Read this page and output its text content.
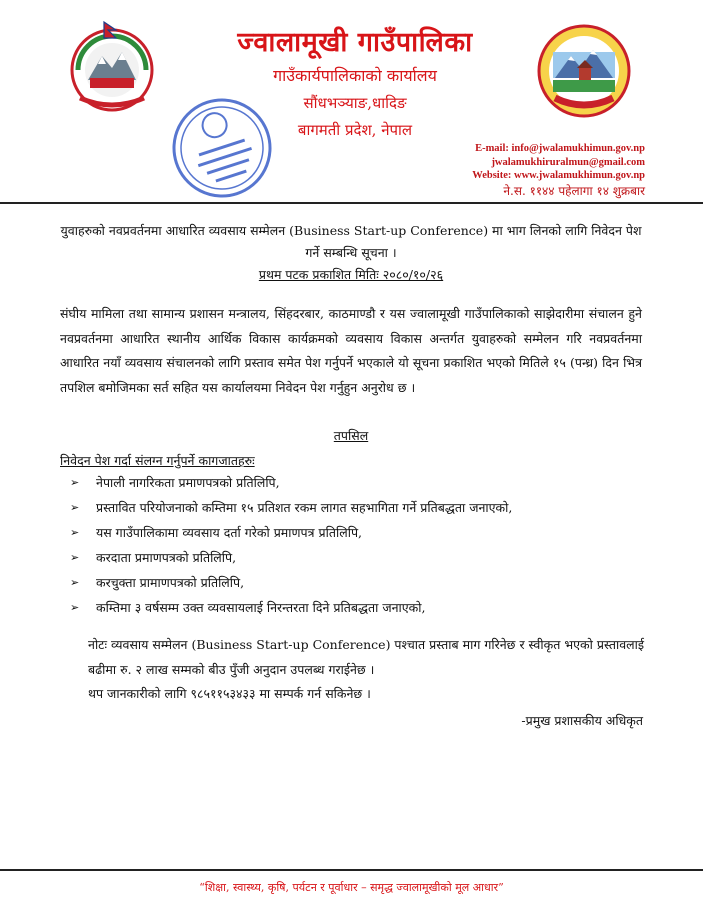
ज्वालामूखी गाउँपालिका
गाउँकार्यपालिकाको कार्यालय
सौंधभञ्याङ,धादिङ
बागमती प्रदेश, नेपाल
E-mail: info@jwalamukhimun.gov.np
jwalamukhiruralmun@gmail.com
Website: www.jwalamukhimun.gov.np
ने.स. ११४४ पहेलागा १४ शुक्रबार
युवाहरुको नवप्रवर्तनमा आधारित व्यवसाय सम्मेलन (Business Start-up Conference) मा भाग लिनको लागि निवेदन पेश गर्ने सम्बन्धि सूचना ।
प्रथम पटक प्रकाशित मितिः २०८०/१०/२६
संघीय मामिला तथा सामान्य प्रशासन मन्त्रालय, सिंहदरबार, काठमाण्डौ र यस ज्वालामूखी गाउँपालिकाको साझेदारीमा संचालन हुने नवप्रवर्तनमा आधारित स्थानीय आर्थिक विकास कार्यक्रमको व्यवसाय विकास अन्तर्गत युवाहरुको सम्मेलन गरि नवप्रवर्तनमा आधारित नयाँ व्यवसाय संचालनको लागि प्रस्ताव समेत पेश गर्नुपर्ने भएकाले यो सूचना प्रकाशित भएको मितिले १५ (पन्ध्र) दिन भित्र तपशिल बमोजिमका सर्त सहित यस कार्यालयमा निवेदन पेश गर्नुहुन अनुरोध छ ।
तपसिल
निवेदन पेश गर्दा संलग्न गर्नुपर्ने कागजातहरुः
➢	नेपाली नागरिकता प्रमाणपत्रको प्रतिलिपि,
➢	प्रस्तावित परियोजनाको कम्तिमा १५ प्रतिशत रकम लागत सहभागिता गर्ने प्रतिबद्धता जनाएको,
➢	यस गाउँपालिकामा व्यवसाय दर्ता गरेको प्रमाणपत्र प्रतिलिपि,
➢	करदाता प्रमाणपत्रको प्रतिलिपि,
➢	करचुक्ता प्रामाणपत्रको प्रतिलिपि,
➢	कम्तिमा ३ वर्षसम्म उक्त व्यवसायलाई निरन्तरता दिने प्रतिबद्धता जनाएको,
नोटः व्यवसाय सम्मेलन (Business Start-up Conference) पश्चात प्रस्ताब माग गरिनेछ र स्वीकृत भएको प्रस्तावलाई बढीमा रु. २ लाख सम्मको बीउ पुँजी अनुदान उपलब्ध गराईनेछ ।
थप जानकारीको लागि ९८५११५३४३३ मा सम्पर्क गर्न सकिनेछ ।
-प्रमुख प्रशासकीय अधिकृत
“शिक्षा, स्वास्थ्य, कृषि, पर्यटन र पूर्वाधार – समृद्ध ज्वालामूखीको मूल आधार”
